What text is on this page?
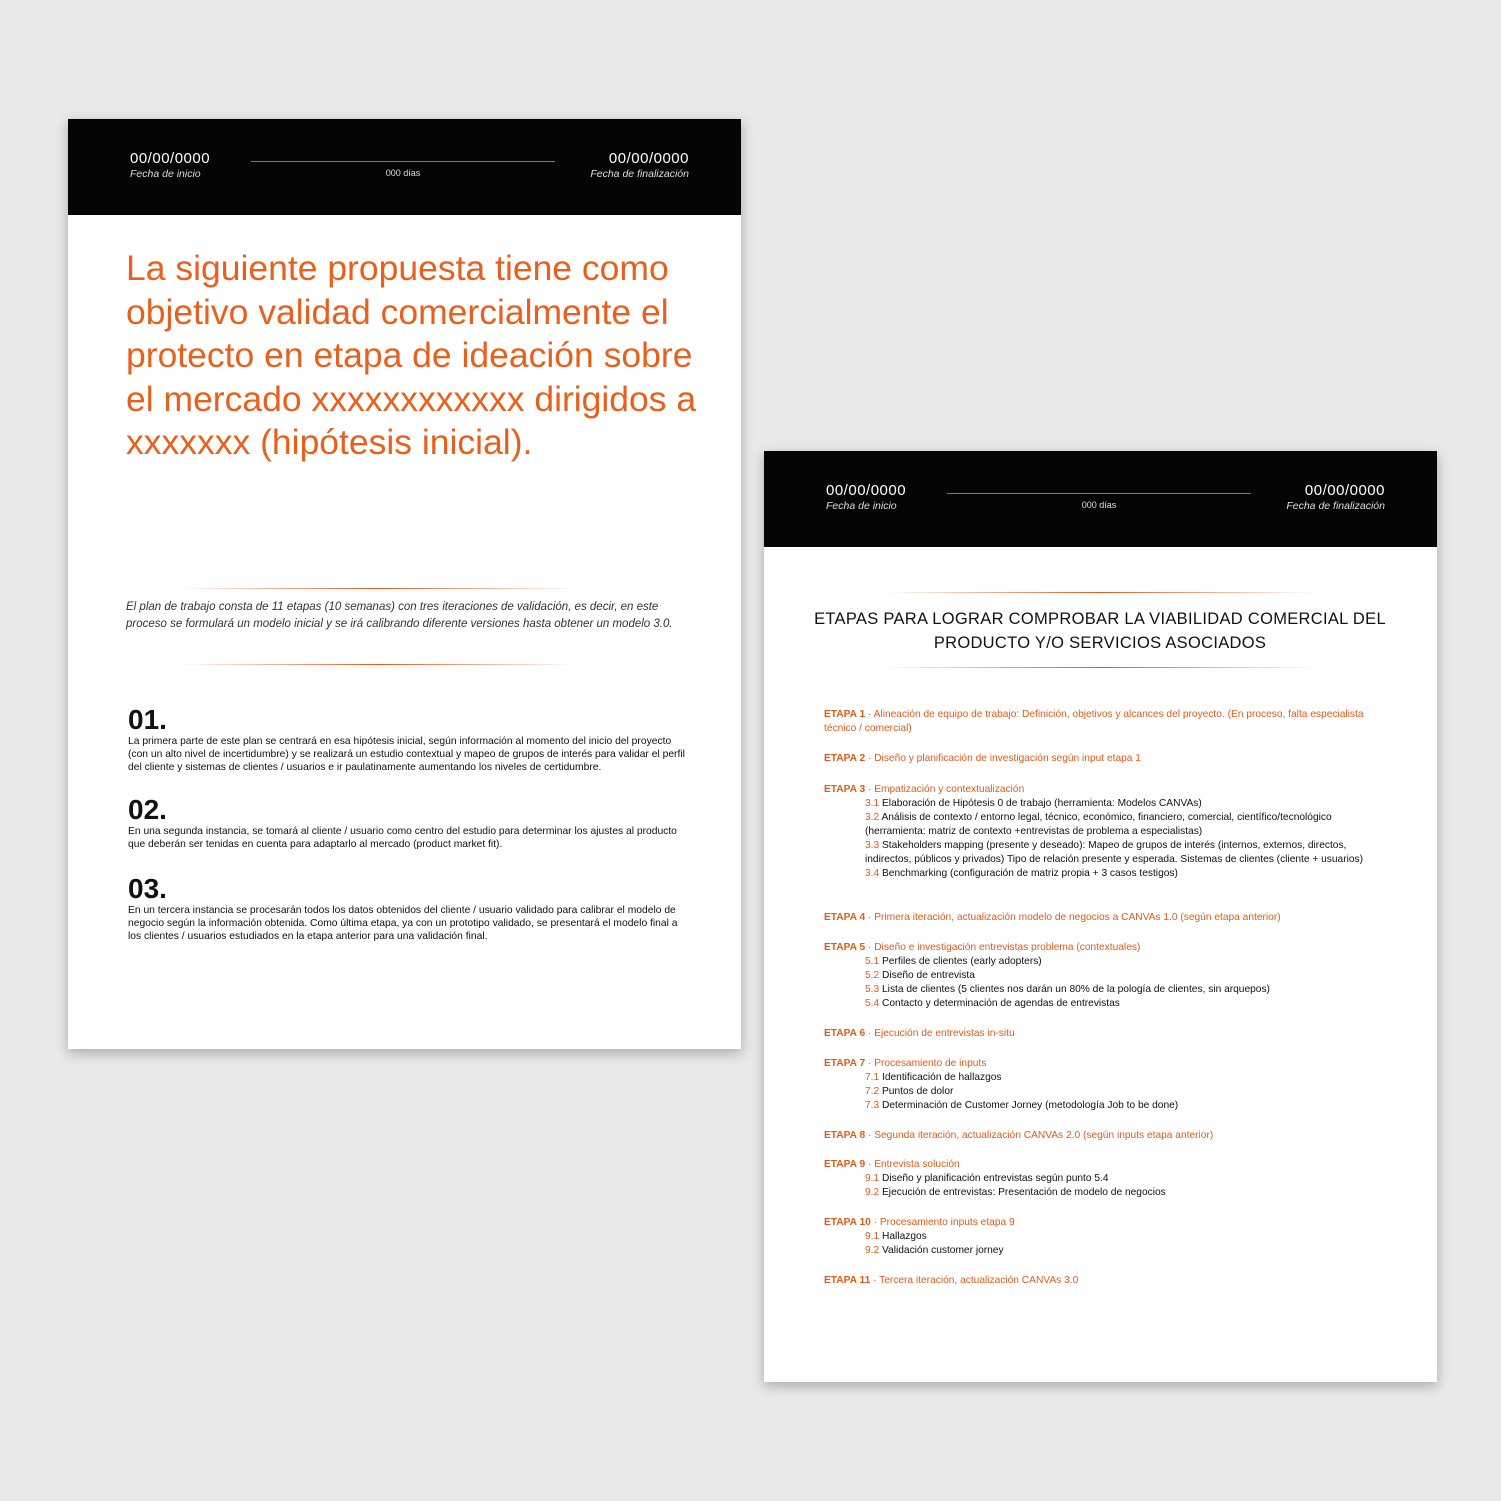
00/00/0000
Fecha de inicio	000 días
00/00/0000
Fecha de finalización
La siguiente propuesta tiene como objetivo validad comercialmente el protecto en etapa de ideación sobre el mercado xxxxxxxxxxxx dirigidos a xxxxxxx (hipótesis inicial).

El plan de trabajo consta de 11 etapas (10 semanas) con tres iteraciones de validación, es decir, en este proceso se formulará un modelo inicial y se irá calibrando diferente versiones hasta obtener un modelo 3.0.

01.

La primera parte de este plan se centrará en esa hipótesis inicial, según información al momento del inicio del proyecto (con un alto nivel de incertidumbre) y se realizará un estudio contextual y mapeo de grupos de interés para validar el perfil del cliente y sistemas de clientes / usuarios e ir paulatinamente aumentando los niveles de certidumbre.

02.

En una segunda instancia, se tomará al cliente / usuario como centro del estudio para determinar los ajustes al producto que deberán ser tenidas en cuenta para adaptarlo al mercado (product market fit).

03.

En un tercera instancia se procesarán todos los datos obtenidos del cliente / usuario validado para calibrar el modelo de negocio según la información obtenida. Como última etapa, ya con un prototipo validado, se presentará el modelo final a los clientes / usuarios estudiados en la etapa anterior para una validación final.

00/00/0000
Fecha de inicio	000 días
00/00/0000
Fecha de finalización
ETAPAS PARA LOGRAR COMPROBAR LA VIABILIDAD COMERCIAL DEL PRODUCTO Y/O SERVICIOS ASOCIADOS
ETAPA 1 · Alineación de equipo de trabajo: Definición, objetivos y alcances del proyecto. (En proceso, falta especialista técnico / comercial)
ETAPA 2 · Diseño y planificación de investigación según input etapa 1
ETAPA 3 · Empatización y contextualización
3.1 Elaboración de Hipótesis 0 de trabajo (herramienta: Modelos CANVAs)
3.2 Análisis de contexto / entorno legal, técnico, económico, financiero, comercial, científico/tecnológico (herramienta: matriz de contexto +entrevistas de problema a especialistas)
3.3 Stakeholders mapping (presente y deseado): Mapeo de grupos de interés (internos, externos, directos, indirectos, públicos y privados) Tipo de relación presente y esperada. Sistemas de clientes (cliente + usuarios)
3.4 Benchmarking (configuración de matriz propia + 3 casos testigos)
ETAPA 4 · Primera iteración, actualización modelo de negocios a CANVAs 1.0 (según etapa anterior)
ETAPA 5 · Diseño e investigación entrevistas problema (contextuales)
5.1 Perfiles de clientes (early adopters)
5.2 Diseño de entrevista
5.3 Lista de clientes (5 clientes nos darán un 80% de la pología de clientes, sin arquepos)
5.4 Contacto y determinación de agendas de entrevistas
ETAPA 6 · Ejecución de entrevistas in-situ
ETAPA 7 · Procesamiento de inputs
7.1 Identificación de hallazgos
7.2 Puntos de dolor
7.3 Determinación de Customer Jorney (metodología Job to be done)
ETAPA 8 · Segunda iteración, actualización CANVAs 2.0 (según inputs etapa anterior)
ETAPA 9 · Entrevista solución
9.1 Diseño y planificación entrevistas según punto 5.4
9.2 Ejecución de entrevistas: Presentación de modelo de negocios
ETAPA 10 · Procesamiento inputs etapa 9
9.1 Hallazgos
9.2 Validación customer jorney
ETAPA 11 · Tercera iteración, actualización CANVAs 3.0
